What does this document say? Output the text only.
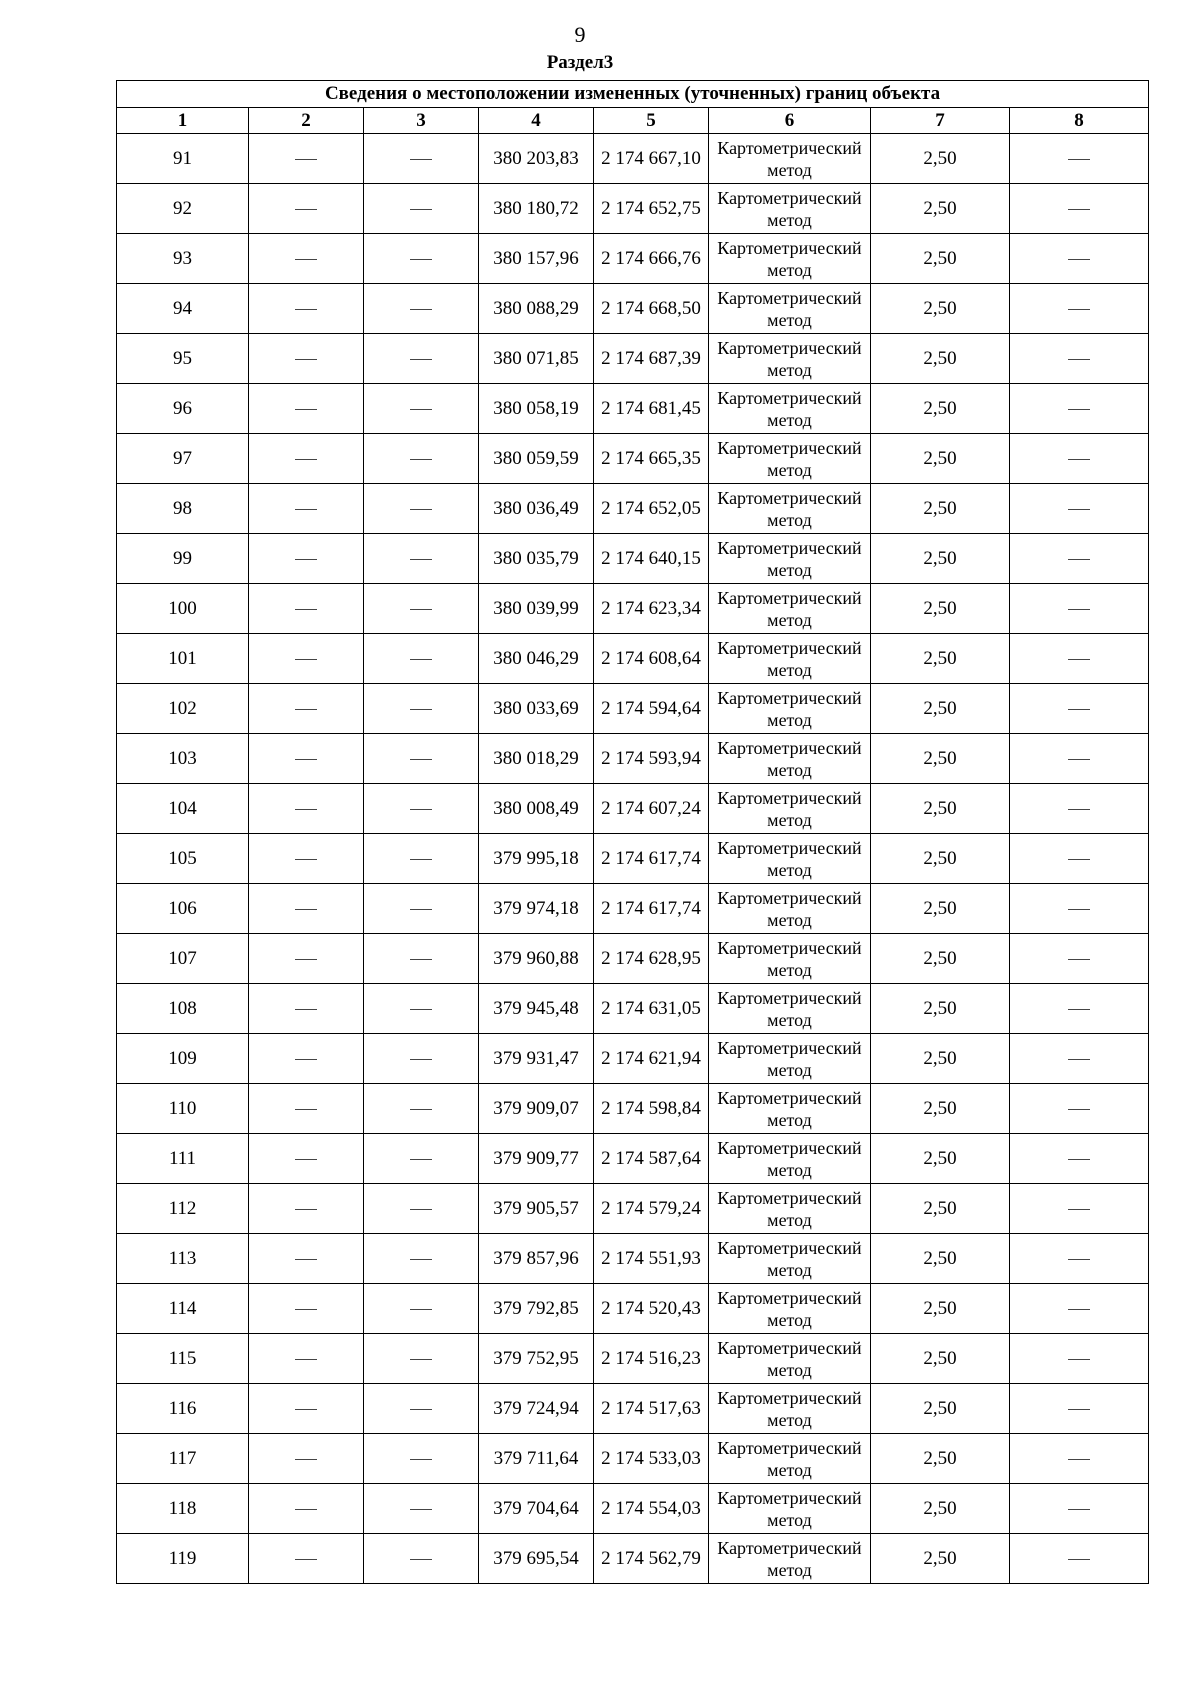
9
Раздел3
Сведения о местоположении измененных (уточненных) границ объекта							
1	2	3	4	5	6	7	8
91			380 203,83	2 174 667,10	Картометрический метод	2,50	
92			380 180,72	2 174 652,75	Картометрический метод	2,50	
93			380 157,96	2 174 666,76	Картометрический метод	2,50	
94			380 088,29	2 174 668,50	Картометрический метод	2,50	
95			380 071,85	2 174 687,39	Картометрический метод	2,50	
96			380 058,19	2 174 681,45	Картометрический метод	2,50	
97			380 059,59	2 174 665,35	Картометрический метод	2,50	
98			380 036,49	2 174 652,05	Картометрический метод	2,50	
99			380 035,79	2 174 640,15	Картометрический метод	2,50	
100			380 039,99	2 174 623,34	Картометрический метод	2,50	
101			380 046,29	2 174 608,64	Картометрический метод	2,50	
102			380 033,69	2 174 594,64	Картометрический метод	2,50	
103			380 018,29	2 174 593,94	Картометрический метод	2,50	
104			380 008,49	2 174 607,24	Картометрический метод	2,50	
105			379 995,18	2 174 617,74	Картометрический метод	2,50	
106			379 974,18	2 174 617,74	Картометрический метод	2,50	
107			379 960,88	2 174 628,95	Картометрический метод	2,50	
108			379 945,48	2 174 631,05	Картометрический метод	2,50	
109			379 931,47	2 174 621,94	Картометрический метод	2,50	
110			379 909,07	2 174 598,84	Картометрический метод	2,50	
111			379 909,77	2 174 587,64	Картометрический метод	2,50	
112			379 905,57	2 174 579,24	Картометрический метод	2,50	
113			379 857,96	2 174 551,93	Картометрический метод	2,50	
114			379 792,85	2 174 520,43	Картометрический метод	2,50	
115			379 752,95	2 174 516,23	Картометрический метод	2,50	
116			379 724,94	2 174 517,63	Картометрический метод	2,50	
117			379 711,64	2 174 533,03	Картометрический метод	2,50	
118			379 704,64	2 174 554,03	Картометрический метод	2,50	
119			379 695,54	2 174 562,79	Картометрический метод	2,50	
